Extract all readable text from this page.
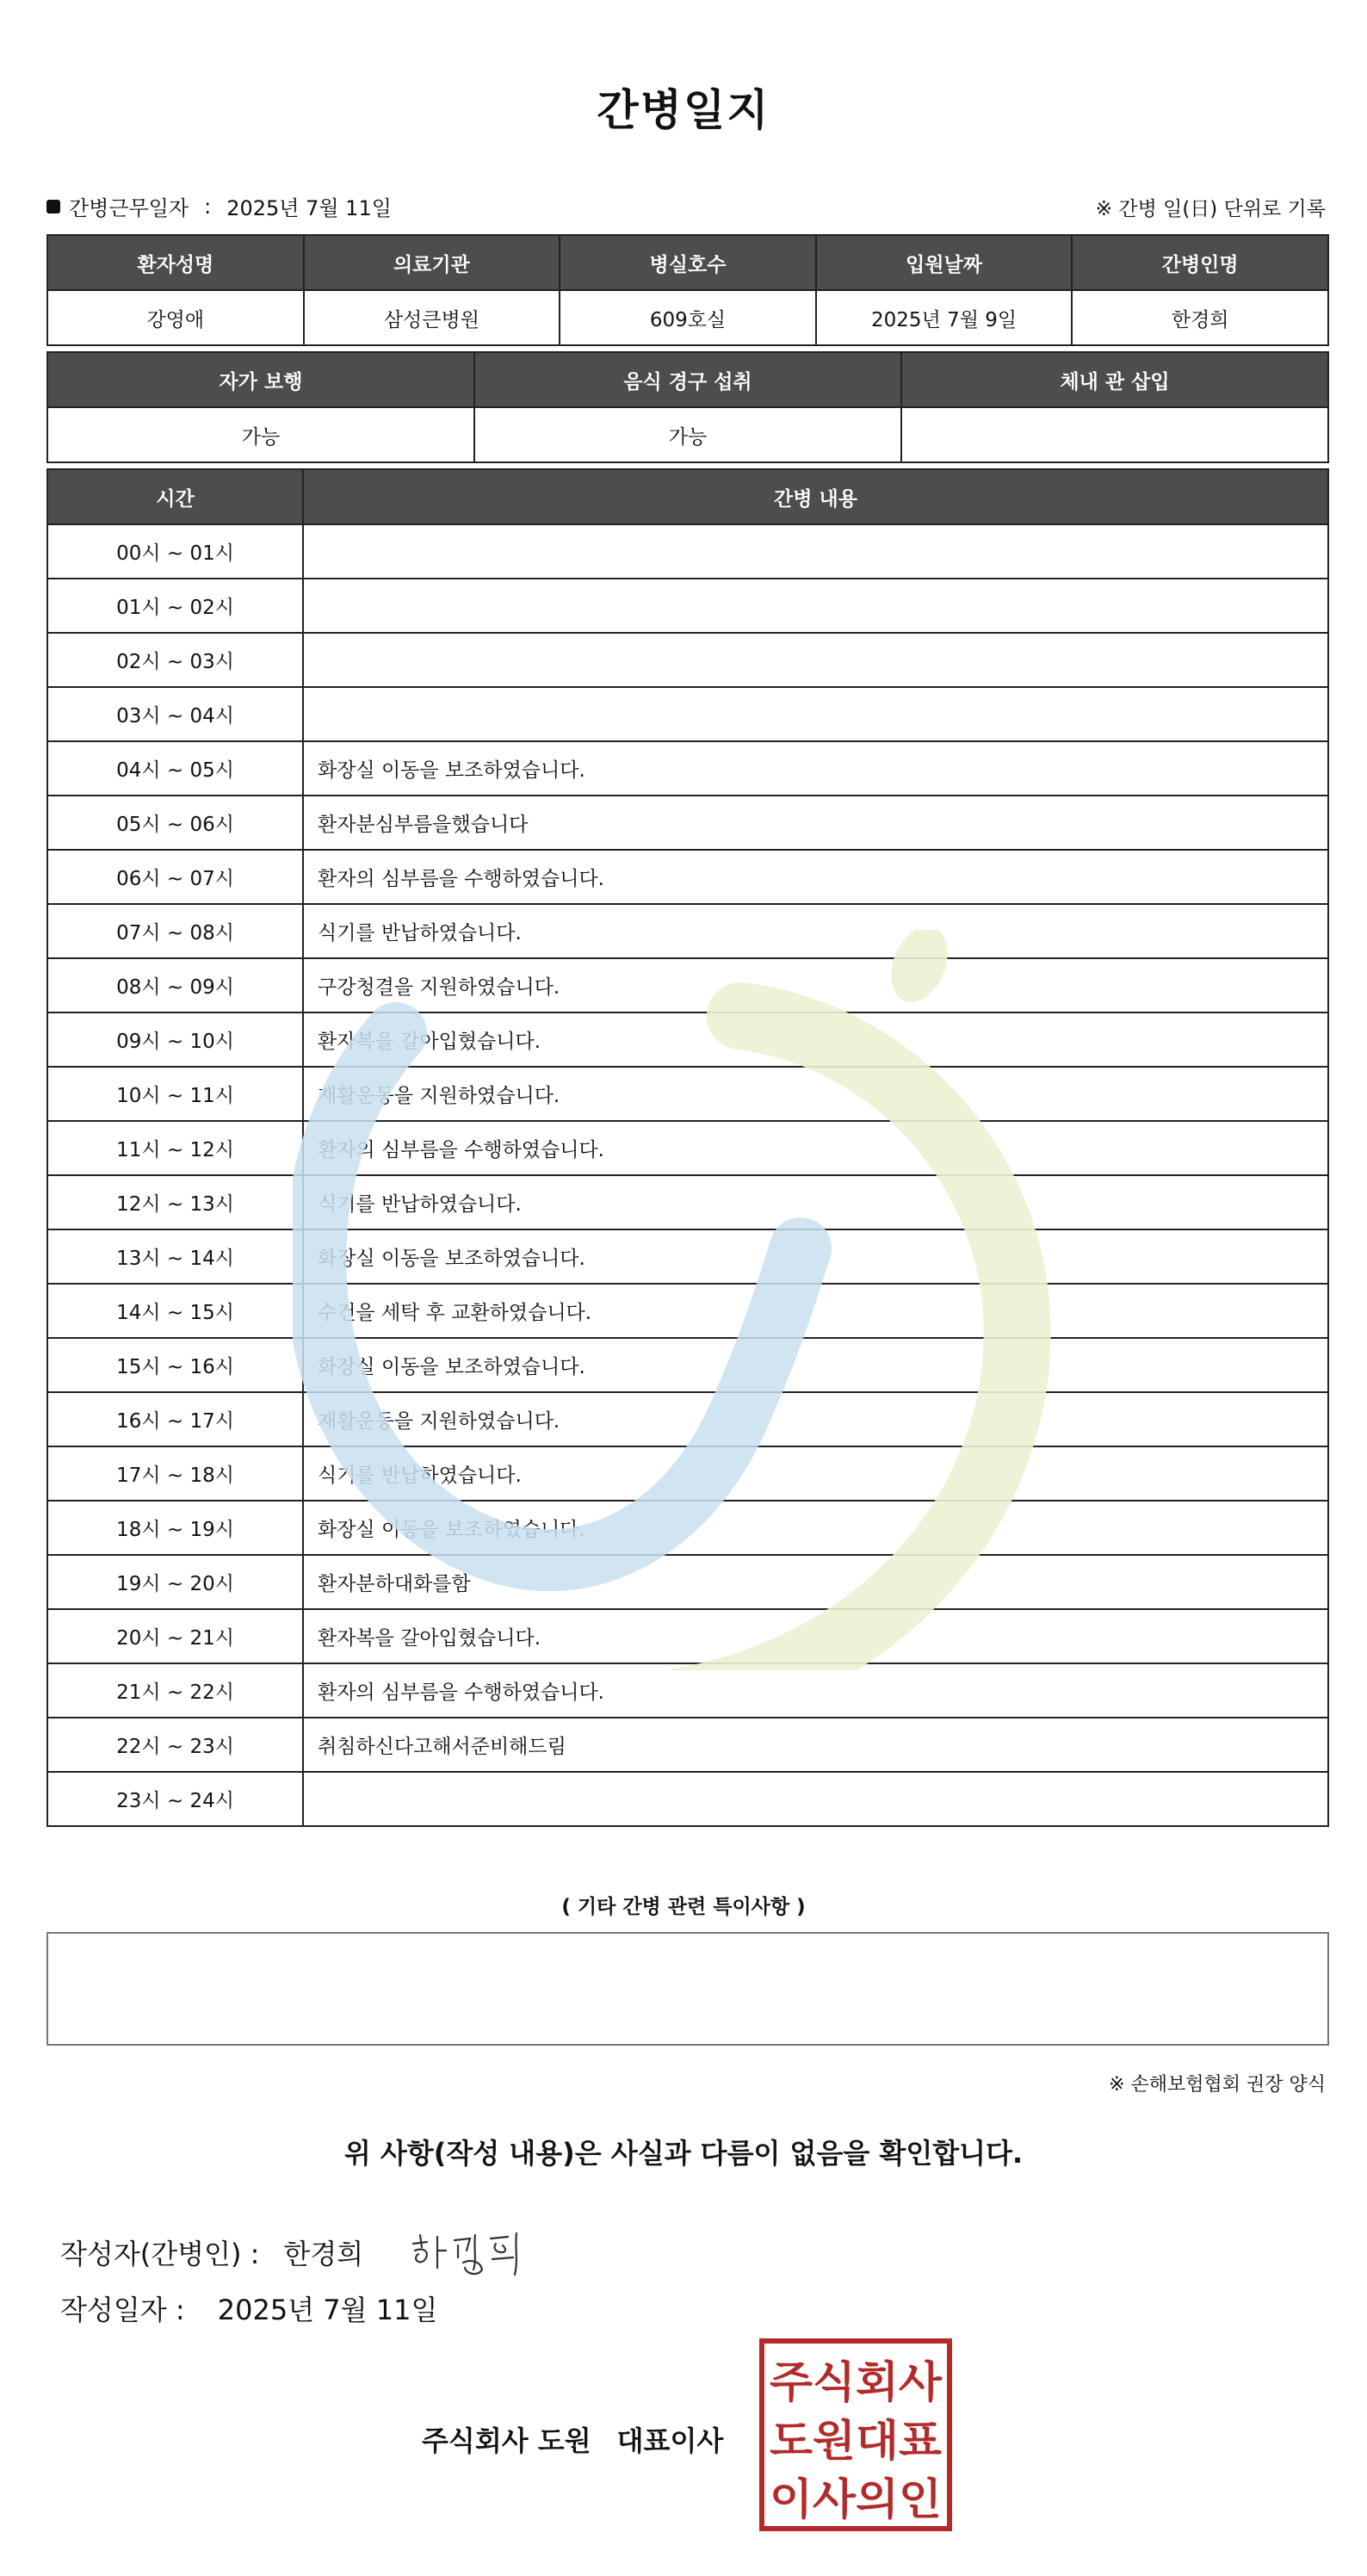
간병일지
간병근무일자 : 2025년 7월 11일	※ 간병 일(日) 단위로 기록
환자성명	의료기관	병실호수	입원날짜	간병인명
강영애	삼성큰병원	609호실	2025년 7월 9일	한경희
자가 보행	음식 경구 섭취	체내 관 삽입
가능	가능	
시간	간병 내용
00시 ~ 01시	
01시 ~ 02시	
02시 ~ 03시	
03시 ~ 04시	
04시 ~ 05시	화장실 이동을 보조하였습니다.
05시 ~ 06시	환자분심부름을했습니다
06시 ~ 07시	환자의 심부름을 수행하였습니다.
07시 ~ 08시	식기를 반납하였습니다.
08시 ~ 09시	구강청결을 지원하였습니다.
09시 ~ 10시	환자복을 갈아입혔습니다.
10시 ~ 11시	재활운동을 지원하였습니다.
11시 ~ 12시	환자의 심부름을 수행하였습니다.
12시 ~ 13시	식기를 반납하였습니다.
13시 ~ 14시	화장실 이동을 보조하였습니다.
14시 ~ 15시	수건을 세탁 후 교환하였습니다.
15시 ~ 16시	화장실 이동을 보조하였습니다.
16시 ~ 17시	재활운동을 지원하였습니다.
17시 ~ 18시	식기를 반납하였습니다.
18시 ~ 19시	화장실 이동을 보조하였습니다.
19시 ~ 20시	환자분하대화를함
20시 ~ 21시	환자복을 갈아입혔습니다.
21시 ~ 22시	환자의 심부름을 수행하였습니다.
22시 ~ 23시	취침하신다고해서준비해드림
23시 ~ 24시	
( 기타 간병 관련 특이사항 )
※ 손해보험협회 권장 양식
위 사항(작성 내용)은 사실과 다름이 없음을 확인합니다.
작성자(간병인) : 한경희
작성일자 : 2025년 7월 11일
주식회사 도원 대표이사
주식회사
도원대표
이사의인
